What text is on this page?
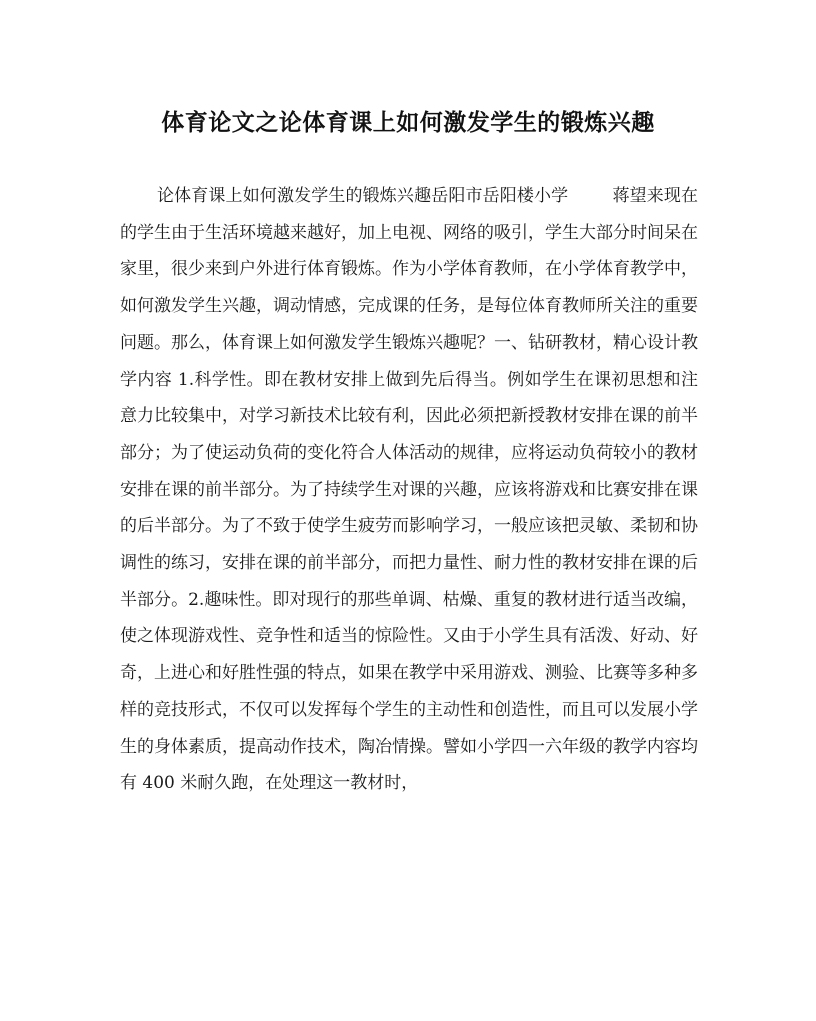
体育论文之论体育课上如何激发学生的锻炼兴趣

论体育课上如何激发学生的锻炼兴趣岳阳市岳阳楼小学	蒋望来现在的学生由于生活环境越来越好，加上电视、网络的吸引，学生大部分时间呆在家里，很少来到户外进行体育锻炼。作为小学体育教师，在小学体育教学中，如何激发学生兴趣，调动情感，完成课的任务，是每位体育教师所关注的重要问题。那么，体育课上如何激发学生锻炼兴趣呢？一、钻研教材，精心设计教学内容 1.科学性。即在教材安排上做到先后得当。例如学生在课初思想和注意力比较集中，对学习新技术比较有利，因此必须把新授教材安排在课的前半部分；为了使运动负荷的变化符合人体活动的规律，应将运动负荷较小的教材安排在课的前半部分。为了持续学生对课的兴趣，应该将游戏和比赛安排在课的后半部分。为了不致于使学生疲劳而影响学习，一般应该把灵敏、柔韧和协调性的练习，安排在课的前半部分，而把力量性、耐力性的教材安排在课的后半部分。2.趣味性。即对现行的那些单调、枯燥、重复的教材进行适当改编，使之体现游戏性、竞争性和适当的惊险性。又由于小学生具有活泼、好动、好奇，上进心和好胜性强的特点，如果在教学中采用游戏、测验、比赛等多种多样的竞技形式，不仅可以发挥每个学生的主动性和创造性，而且可以发展小学生的身体素质，提高动作技术，陶冶情操。譬如小学四一六年级的教学内容均有 400 米耐久跑，在处理这一教材时，
